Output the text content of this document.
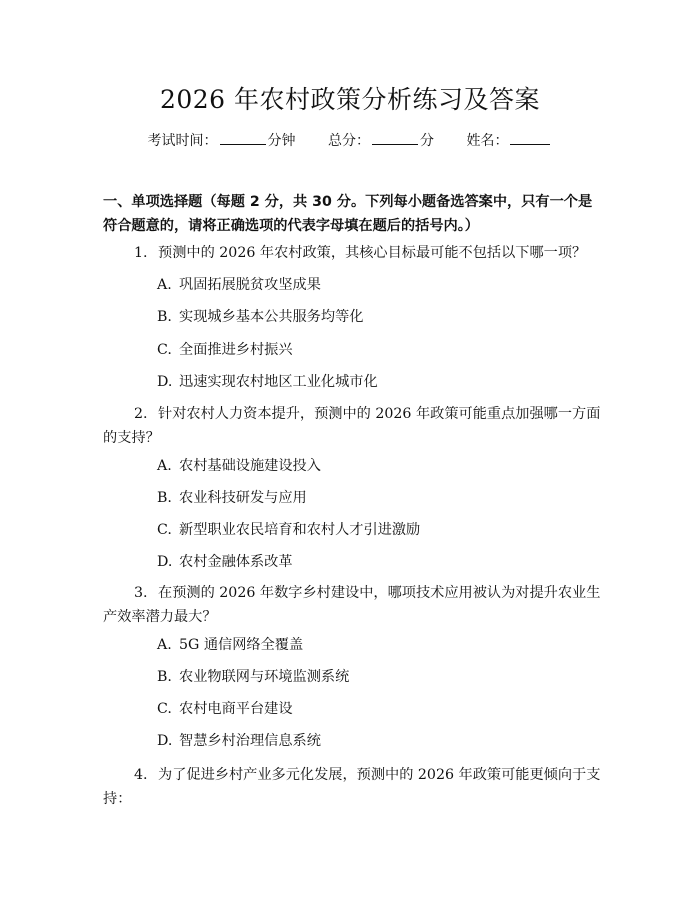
2026 年农村政策分析练习及答案
考试时间：	分钟 总分：	分 姓名：
一、单项选择题（每题 2 分，共 30 分。下列每小题备选答案中，只有一个是符合题意的，请将正确选项的代表字母填在题后的括号内。）
1. 预测中的 2026 年农村政策，其核心目标最可能不包括以下哪一项？
A. 巩固拓展脱贫攻坚成果
B. 实现城乡基本公共服务均等化
C. 全面推进乡村振兴
D. 迅速实现农村地区工业化城市化
2. 针对农村人力资本提升，预测中的 2026 年政策可能重点加强哪一方面的支持？
A. 农村基础设施建设投入
B. 农业科技研发与应用
C. 新型职业农民培育和农村人才引进激励
D. 农村金融体系改革
3. 在预测的 2026 年数字乡村建设中，哪项技术应用被认为对提升农业生产效率潜力最大？
A. 5G 通信网络全覆盖
B. 农业物联网与环境监测系统
C. 农村电商平台建设
D. 智慧乡村治理信息系统
4. 为了促进乡村产业多元化发展，预测中的 2026 年政策可能更倾向于支持：
